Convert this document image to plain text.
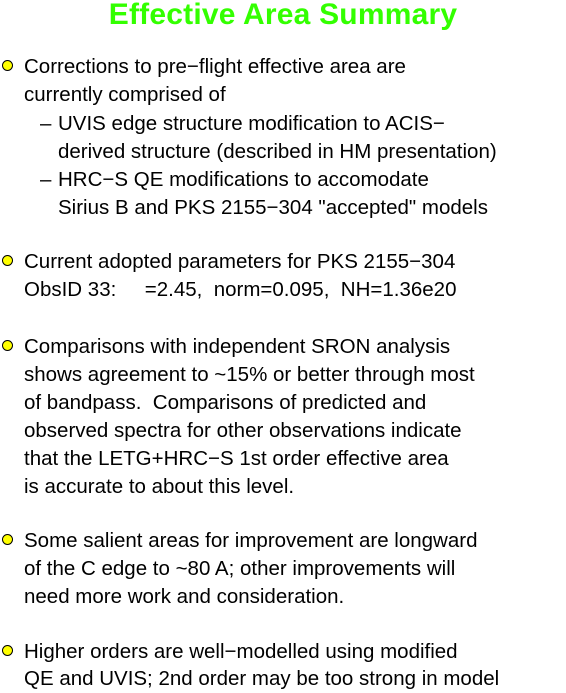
Effective Area Summary
Corrections to pre−flight effective area are
currently comprised of
– UVIS edge structure modification to ACIS−
derived structure (described in HM presentation)
– HRC−S QE modifications to accomodate
Sirius B and PKS 2155−304 "accepted" models
Current adopted parameters for PKS 2155−304
ObsID 33:     =2.45,  norm=0.095,  NH=1.36e20
Comparisons with independent SRON analysis
shows agreement to ~15% or better through most
of bandpass.  Comparisons of predicted and
observed spectra for other observations indicate
that the LETG+HRC−S 1st order effective area
is accurate to about this level.
Some salient areas for improvement are longward
of the C edge to ~80 A; other improvements will
need more work and consideration.
Higher orders are well−modelled using modified
QE and UVIS; 2nd order may be too strong in model
